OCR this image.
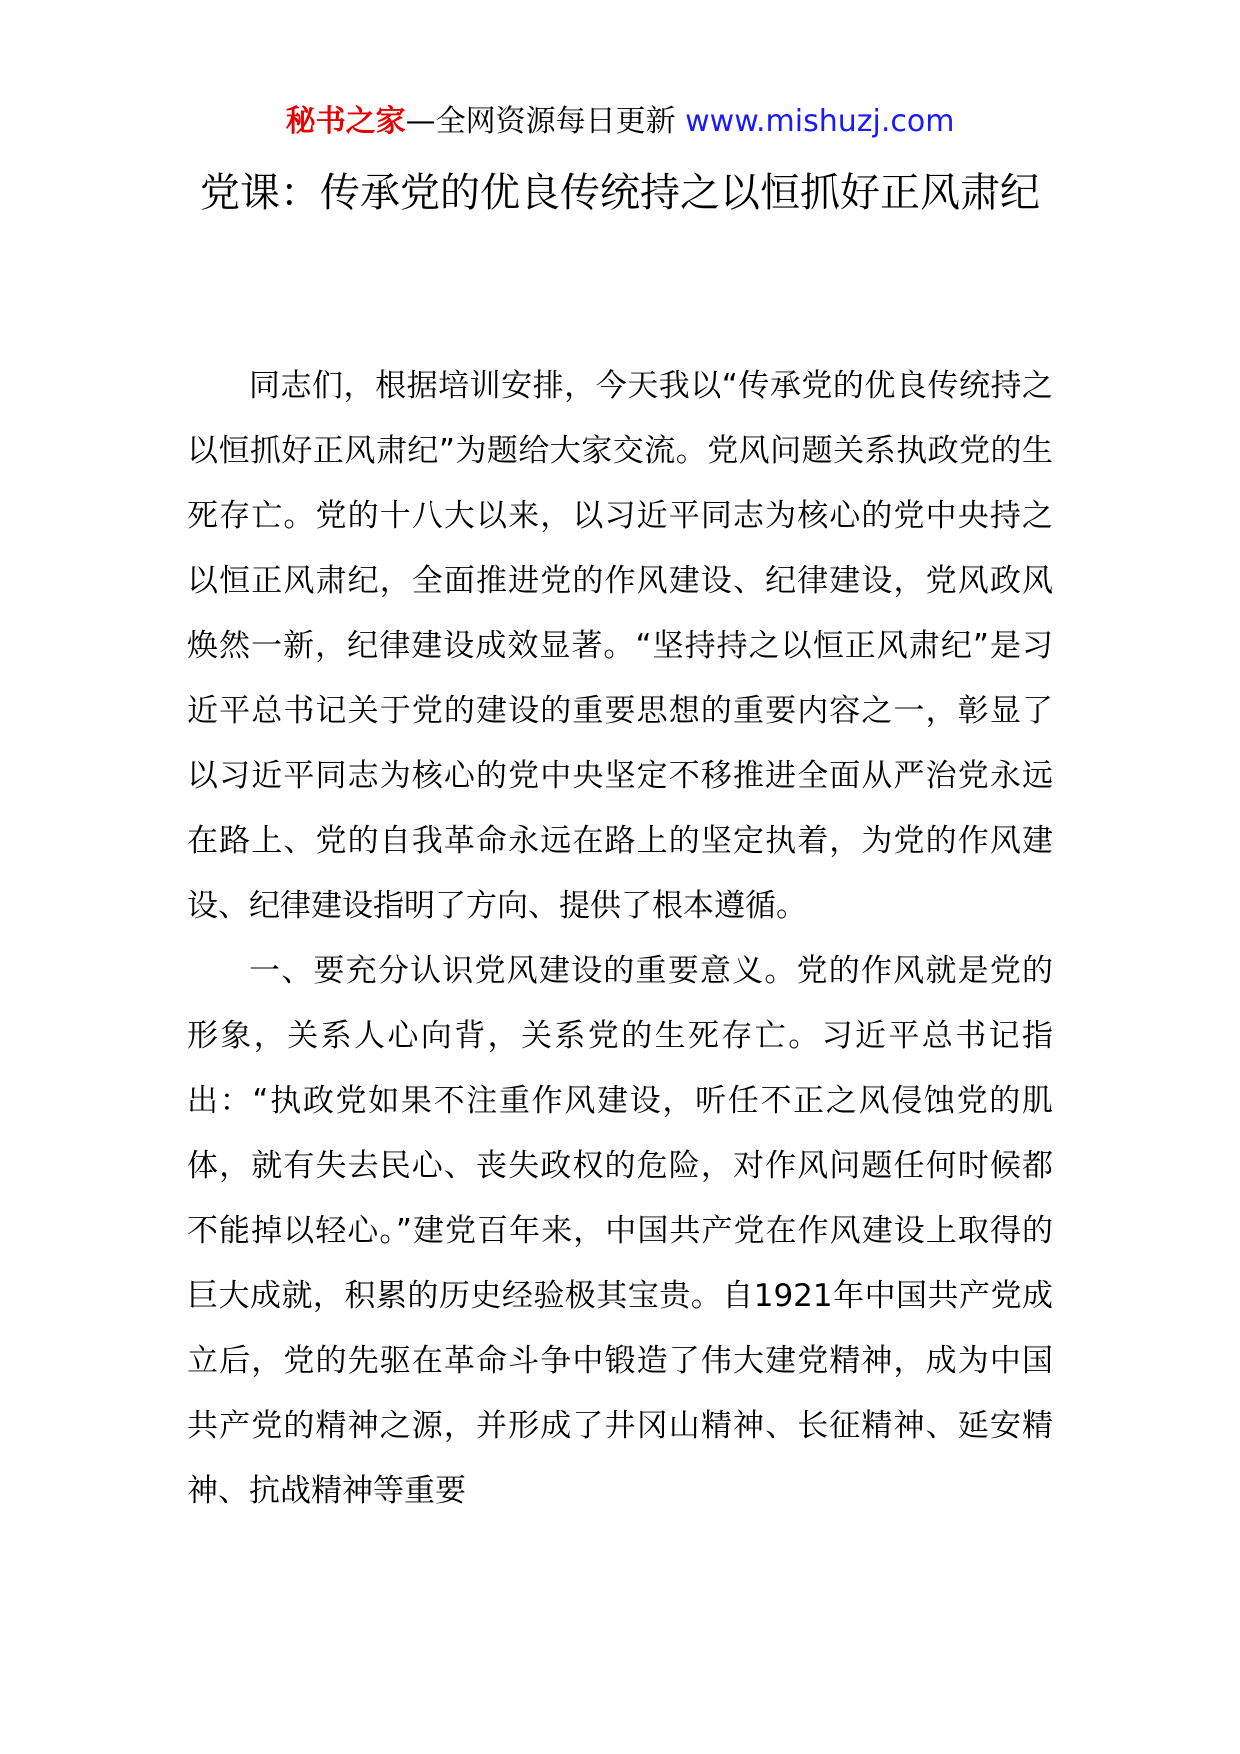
秘书之家—全网资源每日更新 www.mishuzj.com
党课：传承党的优良传统持之以恒抓好正风肃纪

同志们，根据培训安排，今天我以“传承党的优良传统持之以恒抓好正风肃纪”为题给大家交流。党风问题关系执政党的生死存亡。党的十八大以来，以习近平同志为核心的党中央持之以恒正风肃纪，全面推进党的作风建设、纪律建设，党风政风焕然一新，纪律建设成效显著。“坚持持之以恒正风肃纪”是习近平总书记关于党的建设的重要思想的重要内容之一，彰显了以习近平同志为核心的党中央坚定不移推进全面从严治党永远在路上、党的自我革命永远在路上的坚定执着，为党的作风建设、纪律建设指明了方向、提供了根本遵循。

一、要充分认识党风建设的重要意义。党的作风就是党的形象，关系人心向背，关系党的生死存亡。习近平总书记指出：“执政党如果不注重作风建设，听任不正之风侵蚀党的肌体，就有失去民心、丧失政权的危险，对作风问题任何时候都不能掉以轻心。”建党百年来，中国共产党在作风建设上取得的巨大成就，积累的历史经验极其宝贵。自1921年中国共产党成立后，党的先驱在革命斗争中锻造了伟大建党精神，成为中国共产党的精神之源，并形成了井冈山精神、长征精神、延安精神、抗战精神等重要
